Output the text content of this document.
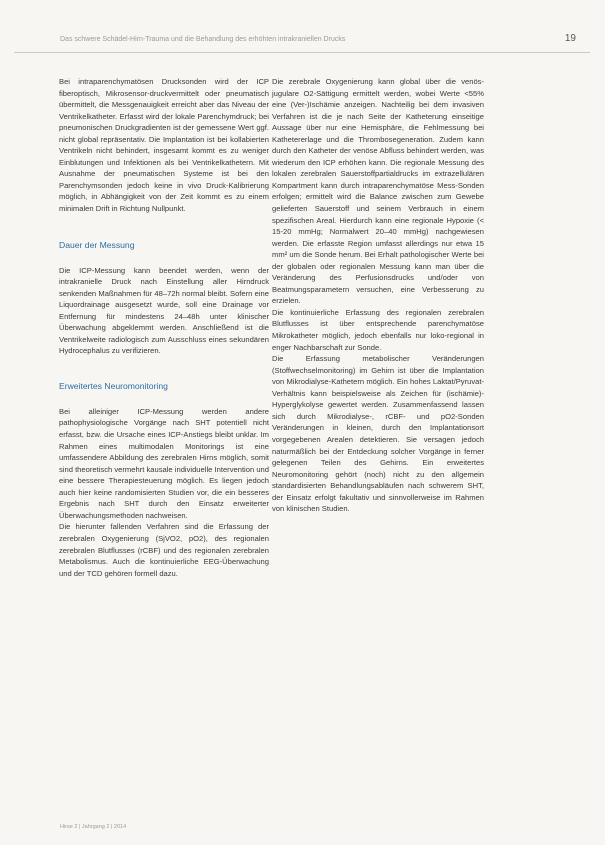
Das schwere Schädel-Hirn-Trauma und die Behandlung des erhöhten intrakraniellen Drucks	19

Bei intraparenchymatösen Drucksonden wird der ICP fiberoptisch, Mikrosensor-druckvermittelt oder pneumatisch übermittelt, die Messgenauigkeit erreicht aber das Niveau der Ventrikelkatheter. Erfasst wird der lokale Parenchymdruck; bei pneumonischen Druckgradienten ist der gemessene Wert ggf. nicht global repräsentativ. Die Implantation ist bei kollabierten Ventrikeln nicht behindert, insgesamt kommt es zu weniger Einblutungen und Infektionen als bei Ventrikelkathetern. Mit Ausnahme der pneumatischen Systeme ist bei den Parenchymsonden jedoch keine in vivo Druck-Kalibrierung möglich, in Abhängigkeit von der Zeit kommt es zu einem minimalen Drift in Richtung Nullpunkt.

Dauer der Messung

Die ICP-Messung kann beendet werden, wenn der intrakranielle Druck nach Einstellung aller Hirndruck senkenden Maßnahmen für 48–72h normal bleibt. Sofern eine Liquordrainage ausgesetzt wurde, soll eine Drainage vor Entfernung für mindestens 24–48h unter klinischer Überwachung abgeklemmt werden. Anschließend ist die Ventrikelweite radiologisch zum Ausschluss eines sekundären Hydrocephalus zu verifizieren.

Erweitertes Neuromonitoring

Bei alleiniger ICP-Messung werden andere pathophysiologische Vorgänge nach SHT potentiell nicht erfasst, bzw. die Ursache eines ICP-Anstiegs bleibt unklar. Im Rahmen eines multimodalen Monitorings ist eine umfassendere Abbildung des zerebralen Hirns möglich, somit sind theoretisch vermehrt kausale individuelle Intervention und eine bessere Therapiesteuerung möglich. Es liegen jedoch auch hier keine randomisierten Studien vor, die ein besseres Ergebnis nach SHT durch den Einsatz erweiterter Überwachungsmethoden nachweisen.

Die hierunter fallenden Verfahren sind die Erfassung der zerebralen Oxygenierung (SjVO2, pO2), des regionalen zerebralen Blutflusses (rCBF) und des regionalen zerebralen Metabolismus. Auch die kontinuierliche EEG-Überwachung und der TCD gehören formell dazu.

Die zerebrale Oxygenierung kann global über die venös-jugulare O2-Sättigung ermittelt werden, wobei Werte <55% eine (Ver-)Ischämie anzeigen. Nachteilig bei dem invasiven Verfahren ist die je nach Seite der Katheterung einseitige Aussage über nur eine Hemisphäre, die Fehlmessung bei Kathetererlage und die Thrombosegeneration. Zudem kann durch den Katheter der venöse Abfluss behindert werden, was wiederum den ICP erhöhen kann. Die regionale Messung des lokalen zerebralen Sauerstoffpartialdrucks im extrazellulären Kompartment kann durch intraparenchymatöse Mess-Sonden erfolgen; ermittelt wird die Balance zwischen zum Gewebe gelieferten Sauerstoff und seinem Verbrauch in einem spezifischen Areal. Hierdurch kann eine regionale Hypoxie (< 15-20 mmHg; Normalwert 20–40 mmHg) nachgewiesen werden. Die erfasste Region umfasst allerdings nur etwa 15 mm² um die Sonde herum. Bei Erhalt pathologischer Werte bei der globalen oder regionalen Messung kann man über die Veränderung des Perfusionsdrucks und/oder von Beatmungsparametern versuchen, eine Verbesserung zu erzielen.

Die kontinuierliche Erfassung des regionalen zerebralen Blutflusses ist über entsprechende parenchymatöse Mikrokatheter möglich, jedoch ebenfalls nur loko-regional in enger Nachbarschaft zur Sonde.

Die Erfassung metabolischer Veränderungen (Stoffwechselmonitoring) im Gehirn ist über die Implantation von Mikrodialyse-Kathetern möglich. Ein hohes Laktat/Pyruvat-Verhältnis kann beispielsweise als Zeichen für (ischämie)-Hyperglykolyse gewertet werden. Zusammenfassend lassen sich durch Mikrodialyse-, rCBF- und pO2-Sonden Veränderungen in kleinen, durch den Implantationsort vorgegebenen Arealen detektieren. Sie versagen jedoch naturmäßlich bei der Entdeckung solcher Vorgänge in ferner gelegenen Teilen des Gehirns. Ein erweitertes Neuromonitoring gehört (noch) nicht zu den allgemein standardisierten Behandlungsabläufen nach schwerem SHT, der Einsatz erfolgt fakultativ und sinnvollerweise im Rahmen von klinischen Studien.

Hirse 2 | Jahrgang 2 | 2014
